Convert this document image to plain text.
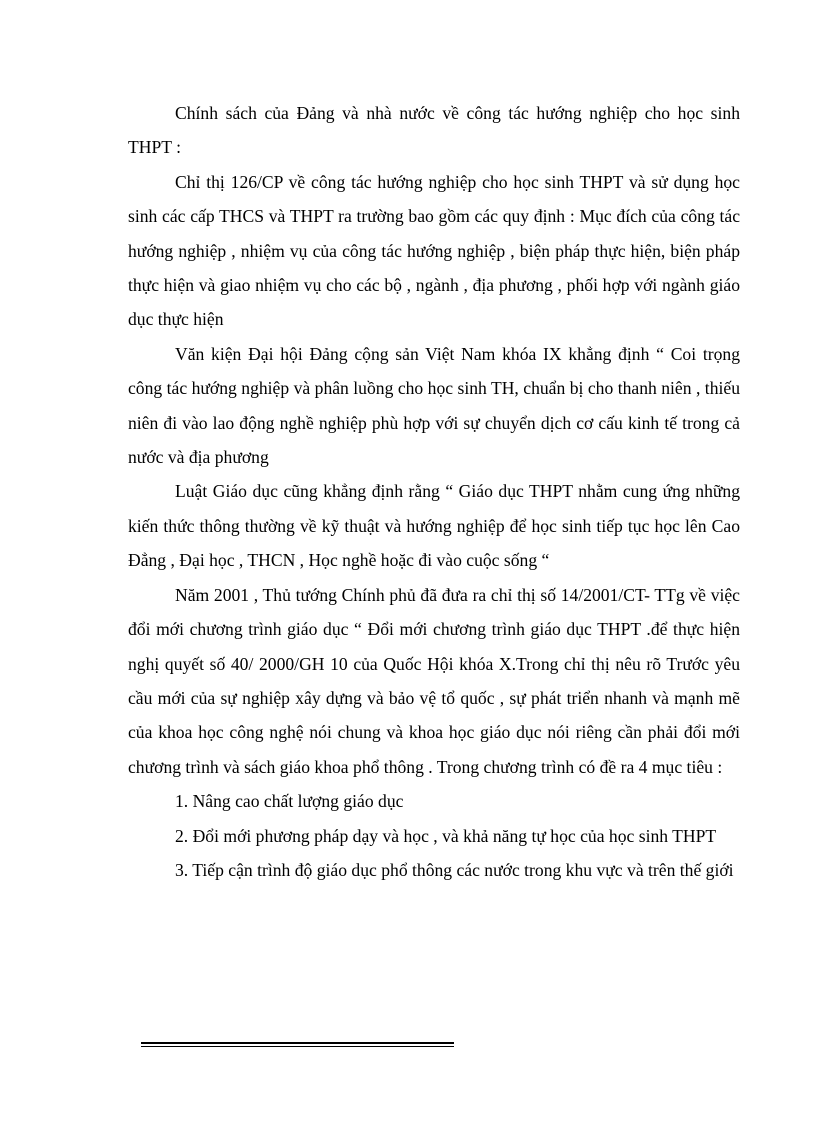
Chính sách của Đảng và nhà nước về công tác hướng nghiệp cho học sinh THPT :

Chỉ thị 126/CP về công tác hướng nghiệp cho học sinh THPT và sử dụng học sinh các cấp THCS và THPT ra trường bao gồm các quy định : Mục đích của công tác hướng nghiệp , nhiệm vụ của công tác hướng nghiệp , biện pháp thực hiện, biện pháp thực hiện và giao nhiệm vụ cho các bộ , ngành , địa phương , phối hợp với ngành giáo dục thực hiện

Văn kiện Đại hội Đảng cộng sản Việt Nam khóa IX khẳng định “ Coi trọng công tác hướng nghiệp và phân luồng cho học sinh TH, chuẩn bị cho thanh niên , thiếu niên đi vào lao động nghề nghiệp phù hợp với sự chuyển dịch cơ cấu kinh tế trong cả nước và địa phương

Luật Giáo dục cũng khẳng định rằng “ Giáo dục THPT nhằm cung ứng những kiến thức thông thường về kỹ thuật và hướng nghiệp để học sinh tiếp tục học lên Cao Đẳng , Đại học , THCN , Học nghề hoặc đi vào cuộc sống “

Năm 2001 , Thủ tướng Chính phủ đã đưa ra chỉ thị số 14/2001/CT- TTg về việc đổi mới chương trình giáo dục “ Đổi mới chương trình giáo dục THPT .để thực hiện nghị quyết số 40/ 2000/GH 10 của Quốc Hội khóa X.Trong chỉ thị nêu rõ Trước yêu cầu mới của sự nghiệp xây dựng và bảo vệ tổ quốc , sự phát triển nhanh và mạnh mẽ của khoa học công nghệ nói chung và khoa học giáo dục nói riêng cần phải đổi mới chương trình và sách giáo khoa phổ thông . Trong chương trình có đề ra 4 mục tiêu :

1. Nâng cao chất lượng giáo dục

2. Đổi mới phương pháp dạy và học , và khả năng tự học của học sinh THPT

3. Tiếp cận trình độ giáo dục phổ thông các nước trong khu vực và trên thế giới
